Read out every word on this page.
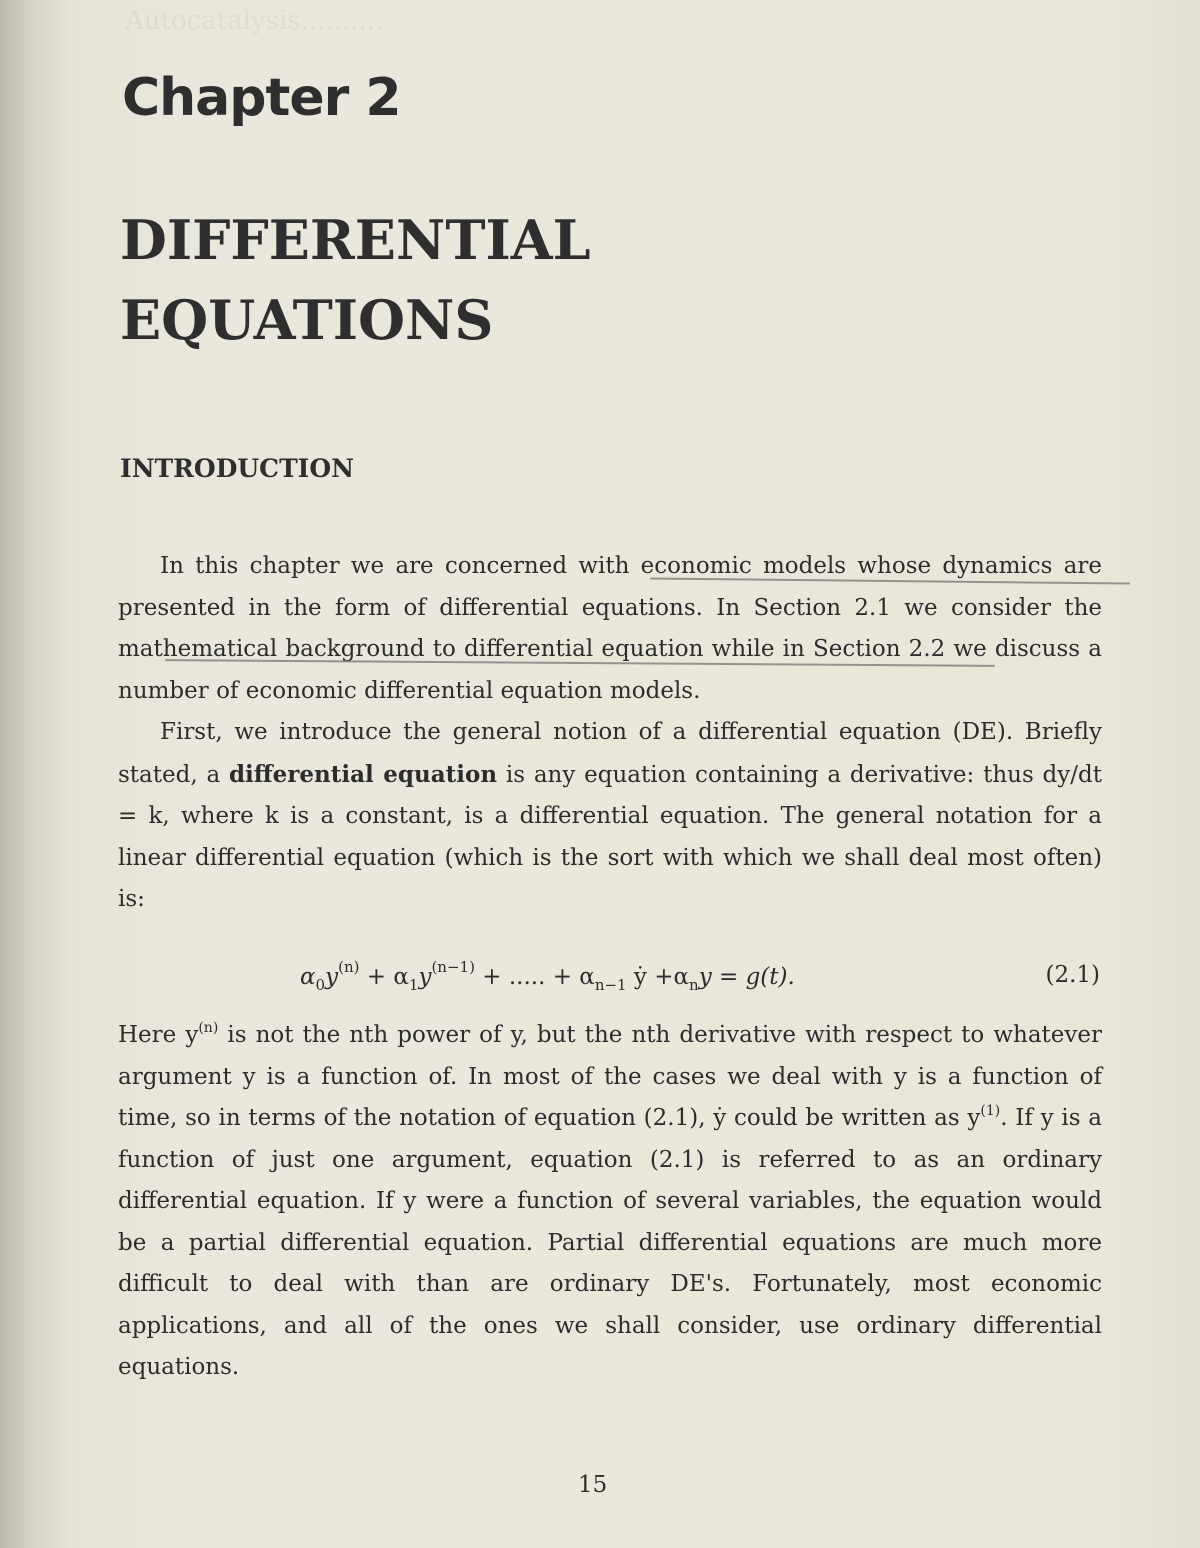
Autocatalysis..........
Chapter 2
DIFFERENTIAL
EQUATIONS
INTRODUCTION
In this chapter we are concerned with economic models whose dynamics are presented in the form of differential equations. In Section 2.1 we consider the mathematical background to differential equation while in Section 2.2 we discuss a number of economic differential equation models.
First, we introduce the general notion of a differential equation (DE). Briefly stated, a differential equation is any equation containing a derivative: thus dy/dt = k, where k is a constant, is a differential equation. The general notation for a linear differential equation (which is the sort with which we shall deal most often) is:
$\alpha_0y^{(n)} + \alpha_1y^{(n-1)}$ + ..... + $\alpha_{n-1}$ ẏ $+\alpha_ny = g(t)$.	(2.1)
Here $y^{(n)}$ is not the nth power of y, but the nth derivative with respect to whatever argument y is a function of. In most of the cases we deal with y is a function of time, so in terms of the notation of equation (2.1), ẏ could be written as $y^{(1)}$. If y is a function of just one argument, equation (2.1) is referred to as an ordinary differential equation. If y were a function of several variables, the equation would be a partial differential equation. Partial differential equations are much more difficult to deal with than are ordinary DE's. Fortunately, most economic applications, and all of the ones we shall consider, use ordinary differential equations.
15
